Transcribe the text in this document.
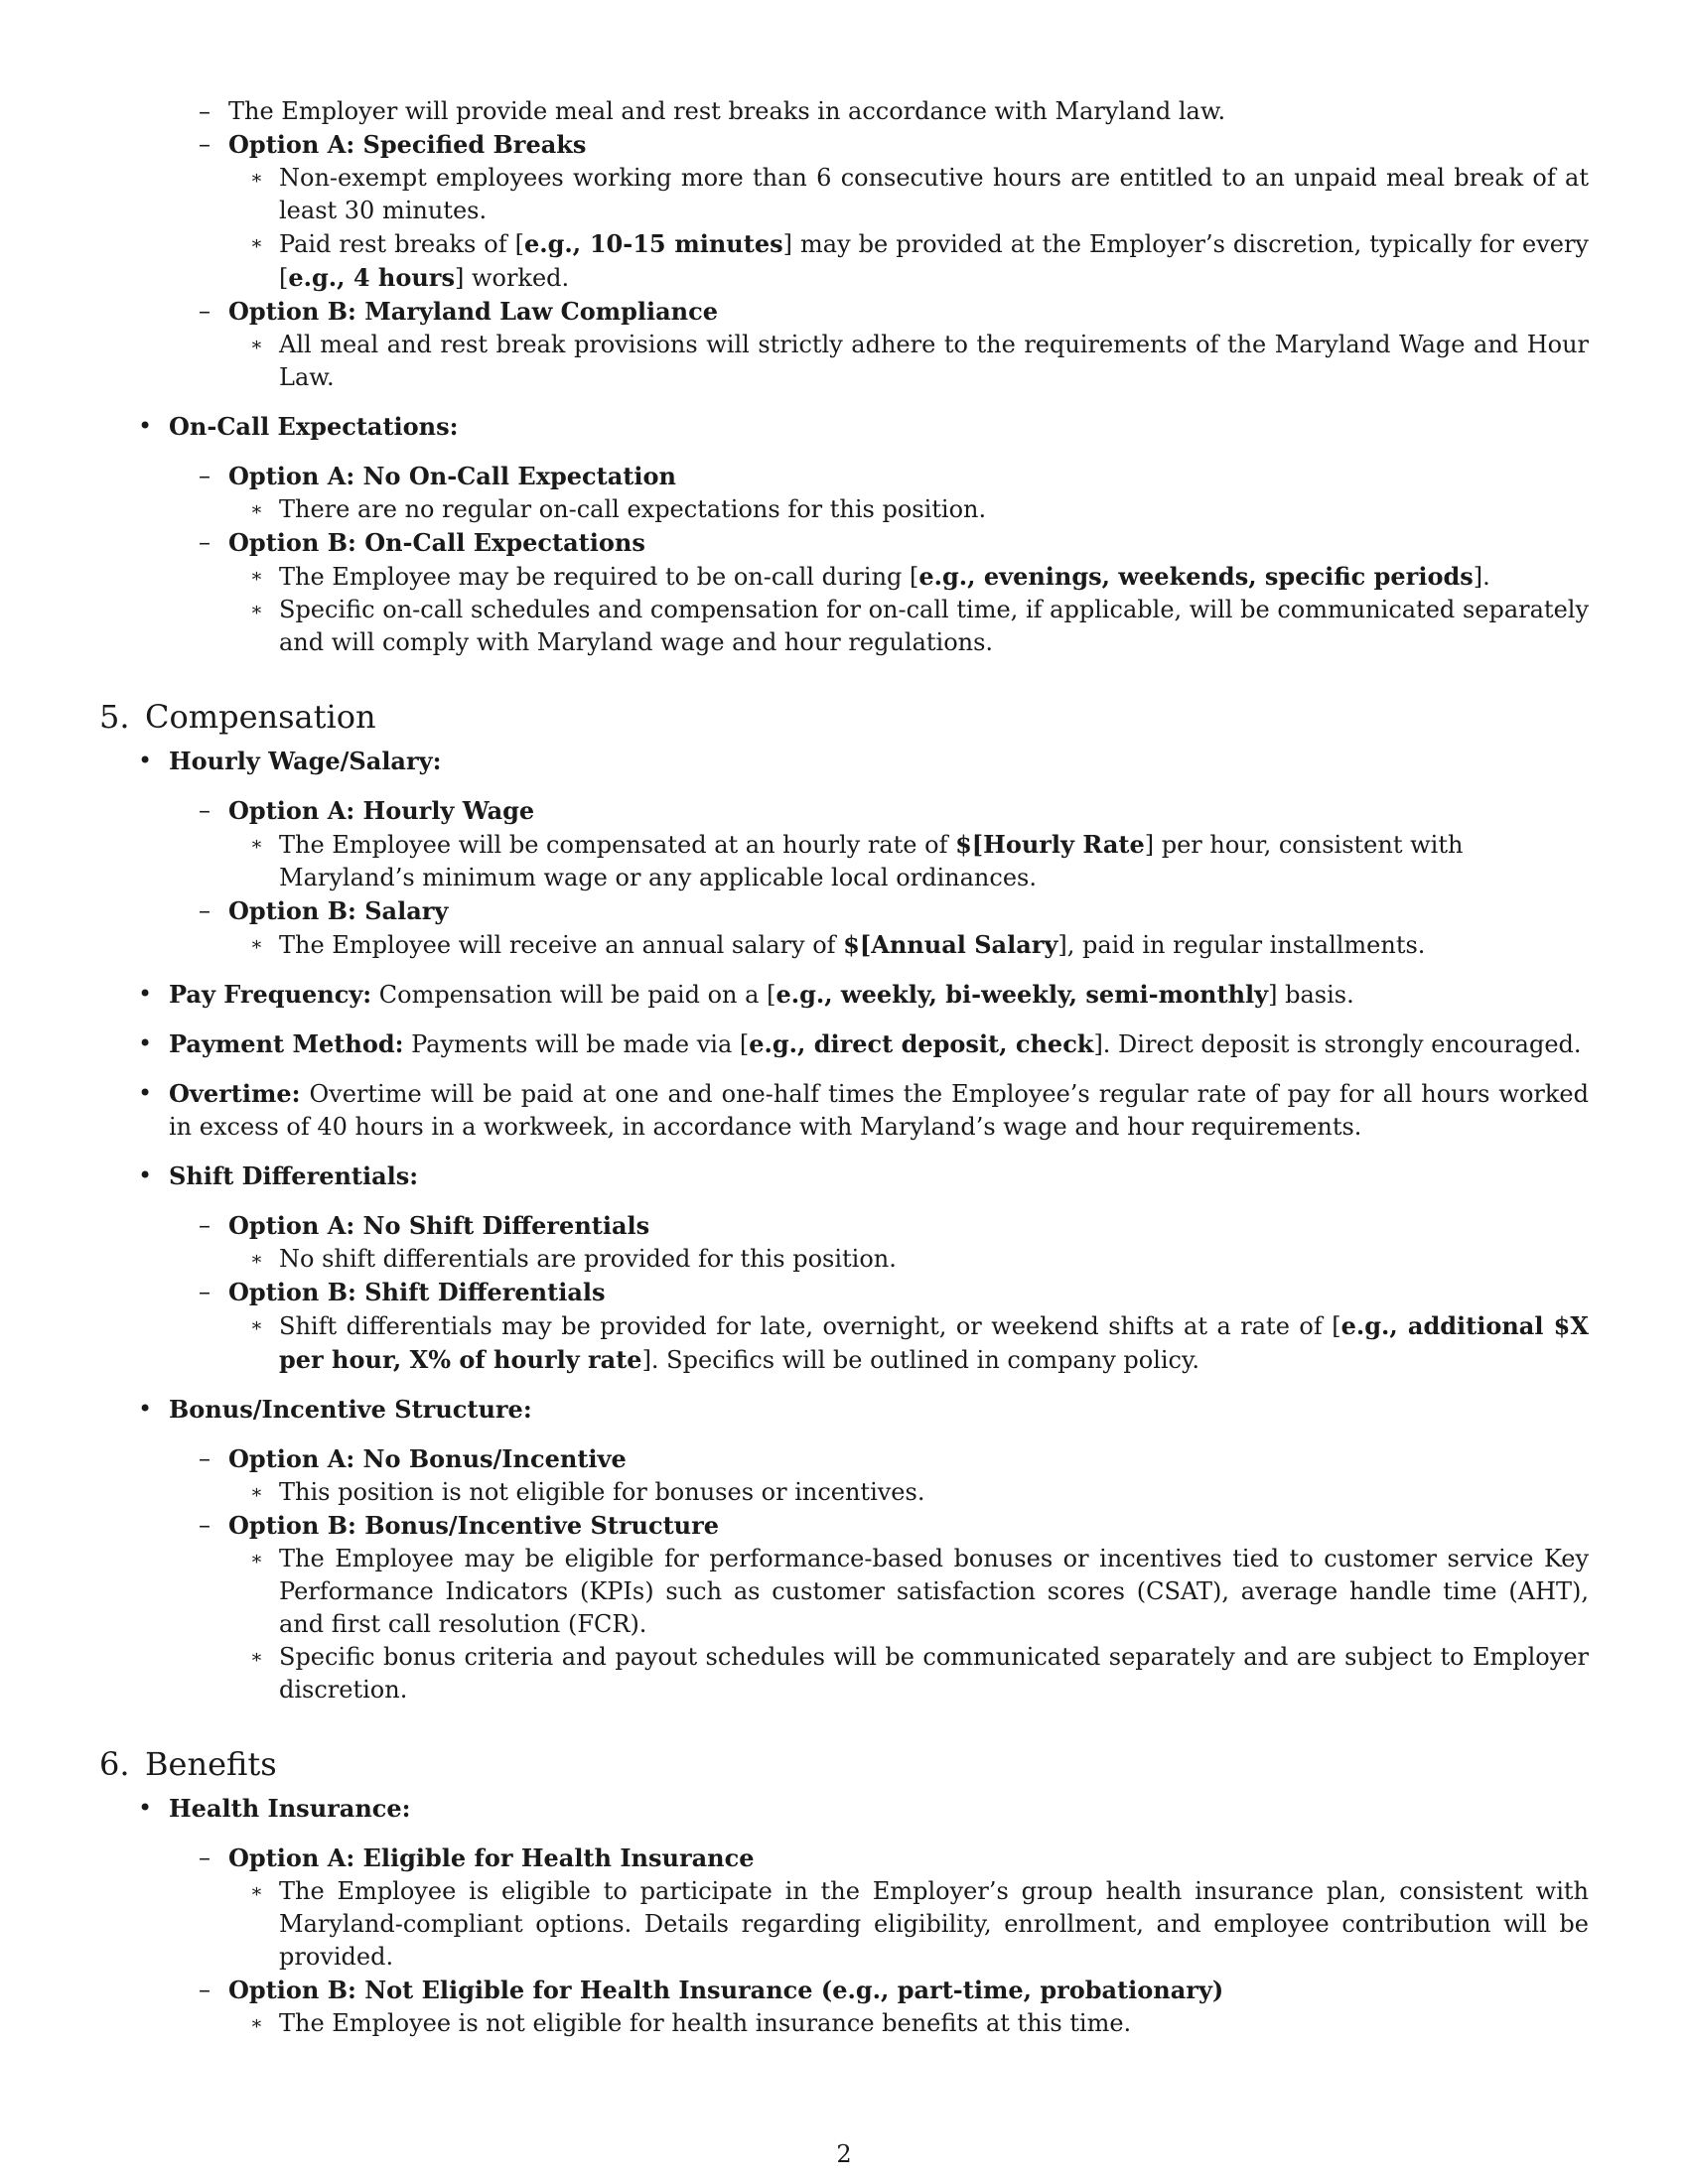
– The Employer will provide meal and rest breaks in accordance with Maryland law.
– Option A: Specified Breaks
∗ Non-exempt employees working more than 6 consecutive hours are entitled to an unpaid meal break of at least 30 minutes.
∗ Paid rest breaks of [e.g., 10-15 minutes] may be provided at the Employer’s discretion, typically for every [e.g., 4 hours] worked.
– Option B: Maryland Law Compliance
∗ All meal and rest break provisions will strictly adhere to the requirements of the Maryland Wage and Hour Law.
• On-Call Expectations:
– Option A: No On-Call Expectation
∗ There are no regular on-call expectations for this position.
– Option B: On-Call Expectations
∗ The Employee may be required to be on-call during [e.g., evenings, weekends, specific periods].
∗ Specific on-call schedules and compensation for on-call time, if applicable, will be communicated separately and will comply with Maryland wage and hour regulations.
5. Compensation
• Hourly Wage/Salary:
– Option A: Hourly Wage
∗ The Employee will be compensated at an hourly rate of $[Hourly Rate] per hour, consistent with Maryland’s minimum wage or any applicable local ordinances.
– Option B: Salary
∗ The Employee will receive an annual salary of $[Annual Salary], paid in regular installments.
• Pay Frequency: Compensation will be paid on a [e.g., weekly, bi-weekly, semi-monthly] basis.
• Payment Method: Payments will be made via [e.g., direct deposit, check]. Direct deposit is strongly encouraged.
• Overtime: Overtime will be paid at one and one-half times the Employee’s regular rate of pay for all hours worked in excess of 40 hours in a workweek, in accordance with Maryland’s wage and hour requirements.
• Shift Differentials:
– Option A: No Shift Differentials
∗ No shift differentials are provided for this position.
– Option B: Shift Differentials
∗ Shift differentials may be provided for late, overnight, or weekend shifts at a rate of [e.g., additional $X per hour, X% of hourly rate]. Specifics will be outlined in company policy.
• Bonus/Incentive Structure:
– Option A: No Bonus/Incentive
∗ This position is not eligible for bonuses or incentives.
– Option B: Bonus/Incentive Structure
∗ The Employee may be eligible for performance-based bonuses or incentives tied to customer service Key Performance Indicators (KPIs) such as customer satisfaction scores (CSAT), average handle time (AHT), and first call resolution (FCR).
∗ Specific bonus criteria and payout schedules will be communicated separately and are subject to Employer discretion.
6. Benefits
• Health Insurance:
– Option A: Eligible for Health Insurance
∗ The Employee is eligible to participate in the Employer’s group health insurance plan, consistent with Maryland-compliant options. Details regarding eligibility, enrollment, and employee contribution will be provided.
– Option B: Not Eligible for Health Insurance (e.g., part-time, probationary)
∗ The Employee is not eligible for health insurance benefits at this time.
2
